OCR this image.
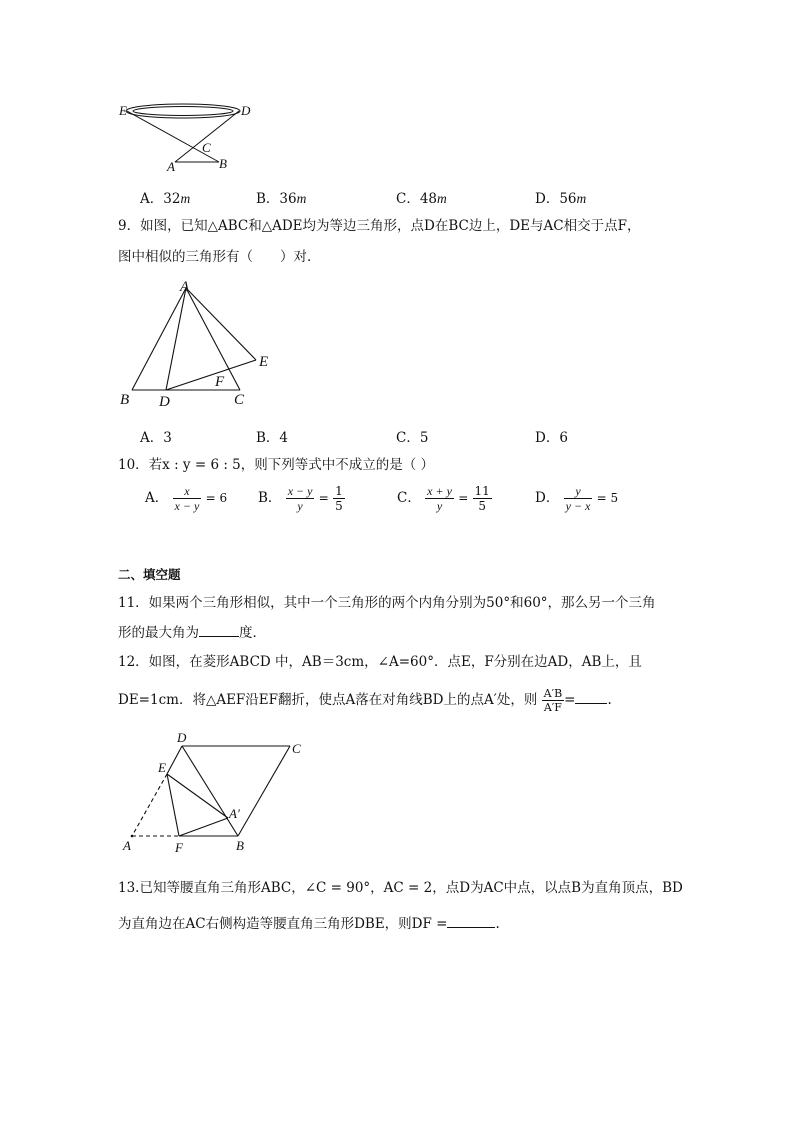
E	D
C
A	B
A．32m	B．36m	C．48m	D．56m
9．如图，已知△ABC和△ADE均为等边三角形，点D在BC边上，DE与AC相交于点F，
图中相似的三角形有（　　）对．
A
E
F
B D	C
A．3	B．4	C．5	D．6
10．若x : y = 6 : 5，则下列等式中不成立的是（ ）
A． $\frac{x}{x - y} = 6$ B． $\frac{x - y}{y} = \frac{1}{5}$	C． $\frac{x + y}{y} = \frac{11}{5}$	D． $\frac{y}{y - x} = 5$
二、填空题
11．如果两个三角形相似，其中一个三角形的两个内角分别为50°和60°，那么另一个三角
形的最大角为	度．
12．如图，在菱形ABCD 中，AB＝3cm，∠A=60°．点E，F分别在边AD，AB上，且
DE=1cm．将△AEF沿EF翻折，使点A落在对角线BD上的点A′处，则 $\frac{A'B}{A'F}$ = .
D
C
E
A′
A	F	B
13.已知等腰直角三角形ABC，∠C = 90°，AC = 2，点D为AC中点，以点B为直角顶点，BD
为直角边在AC右侧构造等腰直角三角形DBE，则DF =	.
